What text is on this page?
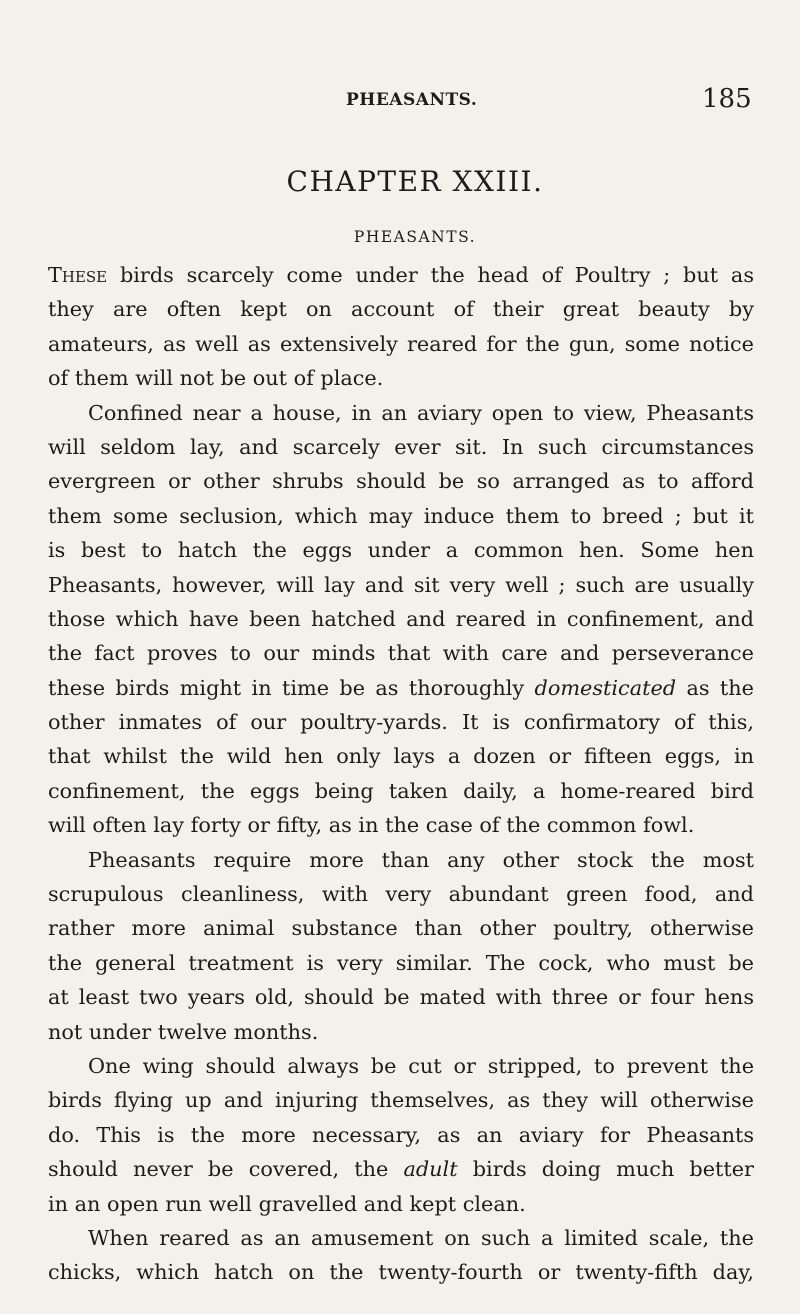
PHEASANTS.	185
CHAPTER XXIII.
PHEASANTS.
These birds scarcely come under the head of Poultry ; but as
they are often kept on account of their great beauty by
amateurs, as well as extensively reared for the gun, some notice
of them will not be out of place.
Confined near a house, in an aviary open to view, Pheasants
will seldom lay, and scarcely ever sit. In such circumstances
evergreen or other shrubs should be so arranged as to afford
them some seclusion, which may induce them to breed ; but it
is best to hatch the eggs under a common hen. Some hen
Pheasants, however, will lay and sit very well ; such are usually
those which have been hatched and reared in confinement, and
the fact proves to our minds that with care and perseverance
these birds might in time be as thoroughly domesticated as the
other inmates of our poultry-yards. It is confirmatory of this,
that whilst the wild hen only lays a dozen or fifteen eggs, in
confinement, the eggs being taken daily, a home-reared bird
will often lay forty or fifty, as in the case of the common fowl.
Pheasants require more than any other stock the most
scrupulous cleanliness, with very abundant green food, and
rather more animal substance than other poultry, otherwise
the general treatment is very similar. The cock, who must be
at least two years old, should be mated with three or four hens
not under twelve months.
One wing should always be cut or stripped, to prevent the
birds flying up and injuring themselves, as they will otherwise
do. This is the more necessary, as an aviary for Pheasants
should never be covered, the adult birds doing much better
in an open run well gravelled and kept clean.
When reared as an amusement on such a limited scale, the
chicks, which hatch on the twenty-fourth or twenty-fifth day,
